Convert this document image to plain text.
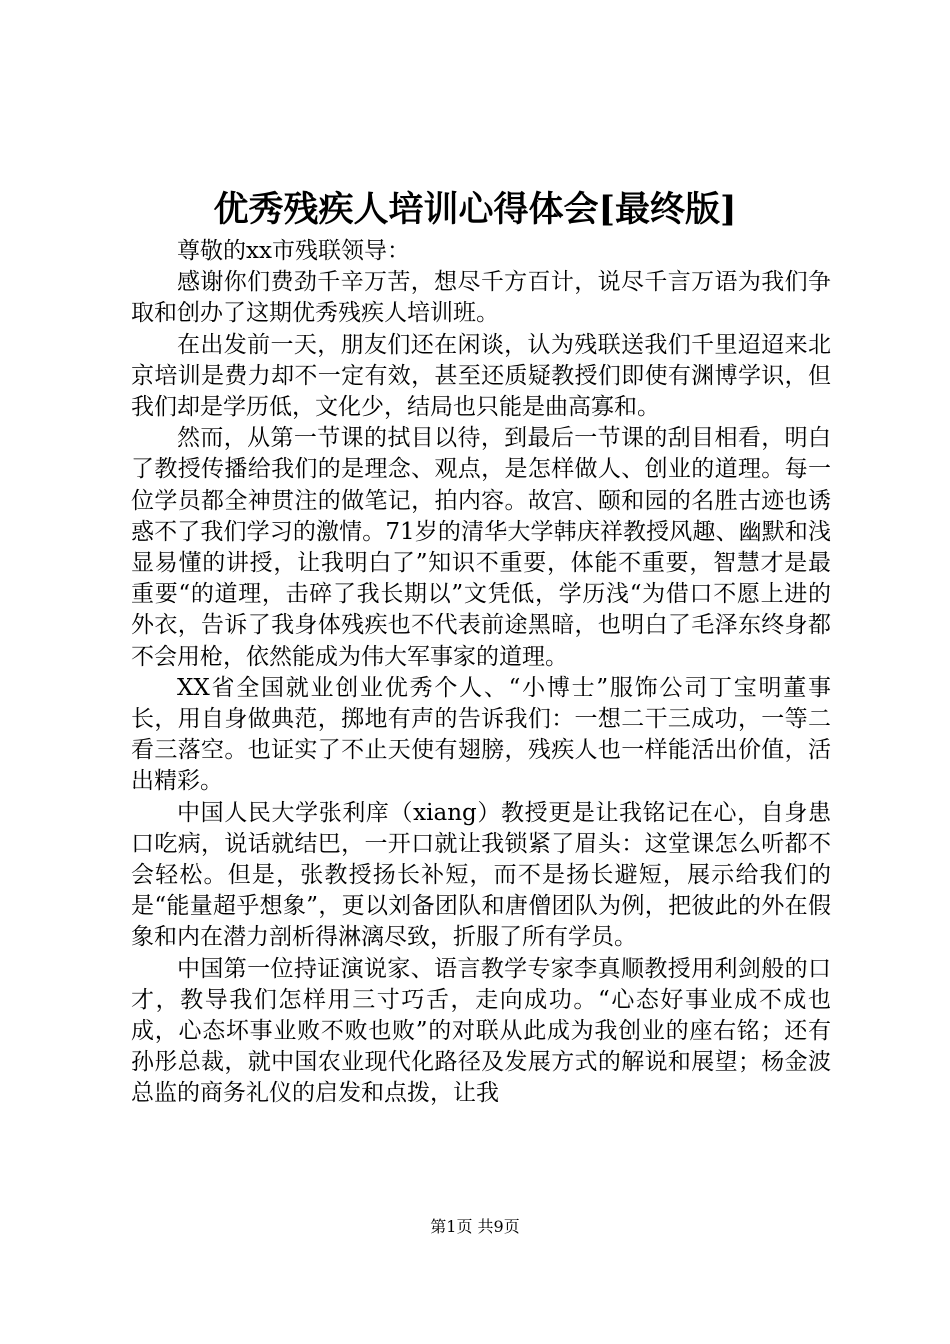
优秀残疾人培训心得体会[最终版]

尊敬的xx市残联领导：

感谢你们费劲千辛万苦，想尽千方百计，说尽千言万语为我们争取和创办了这期优秀残疾人培训班。

在出发前一天，朋友们还在闲谈，认为残联送我们千里迢迢来北京培训是费力却不一定有效，甚至还质疑教授们即使有渊博学识，但我们却是学历低，文化少，结局也只能是曲高寡和。

然而，从第一节课的拭目以待，到最后一节课的刮目相看，明白了教授传播给我们的是理念、观点，是怎样做人、创业的道理。每一位学员都全神贯注的做笔记，拍内容。故宫、颐和园的名胜古迹也诱惑不了我们学习的激情。71岁的清华大学韩庆祥教授风趣、幽默和浅显易懂的讲授，让我明白了”知识不重要，体能不重要，智慧才是最重要“的道理，击碎了我长期以”文凭低，学历浅“为借口不愿上进的外衣，告诉了我身体残疾也不代表前途黑暗，也明白了毛泽东终身都不会用枪，依然能成为伟大军事家的道理。

XX省全国就业创业优秀个人、“小博士”服饰公司丁宝明董事长，用自身做典范，掷地有声的告诉我们：一想二干三成功，一等二看三落空。也证实了不止天使有翅膀，残疾人也一样能活出价值，活出精彩。

中国人民大学张利庠（xiang）教授更是让我铭记在心，自身患口吃病，说话就结巴，一开口就让我锁紧了眉头：这堂课怎么听都不会轻松。但是，张教授扬长补短，而不是扬长避短，展示给我们的是“能量超乎想象”，更以刘备团队和唐僧团队为例，把彼此的外在假象和内在潜力剖析得淋漓尽致，折服了所有学员。

中国第一位持证演说家、语言教学专家李真顺教授用利剑般的口才，教导我们怎样用三寸巧舌，走向成功。“心态好事业成不成也成，心态坏事业败不败也败”的对联从此成为我创业的座右铭；还有孙彤总裁，就中国农业现代化路径及发展方式的解说和展望；杨金波总监的商务礼仪的启发和点拨，让我

第1页 共9页
